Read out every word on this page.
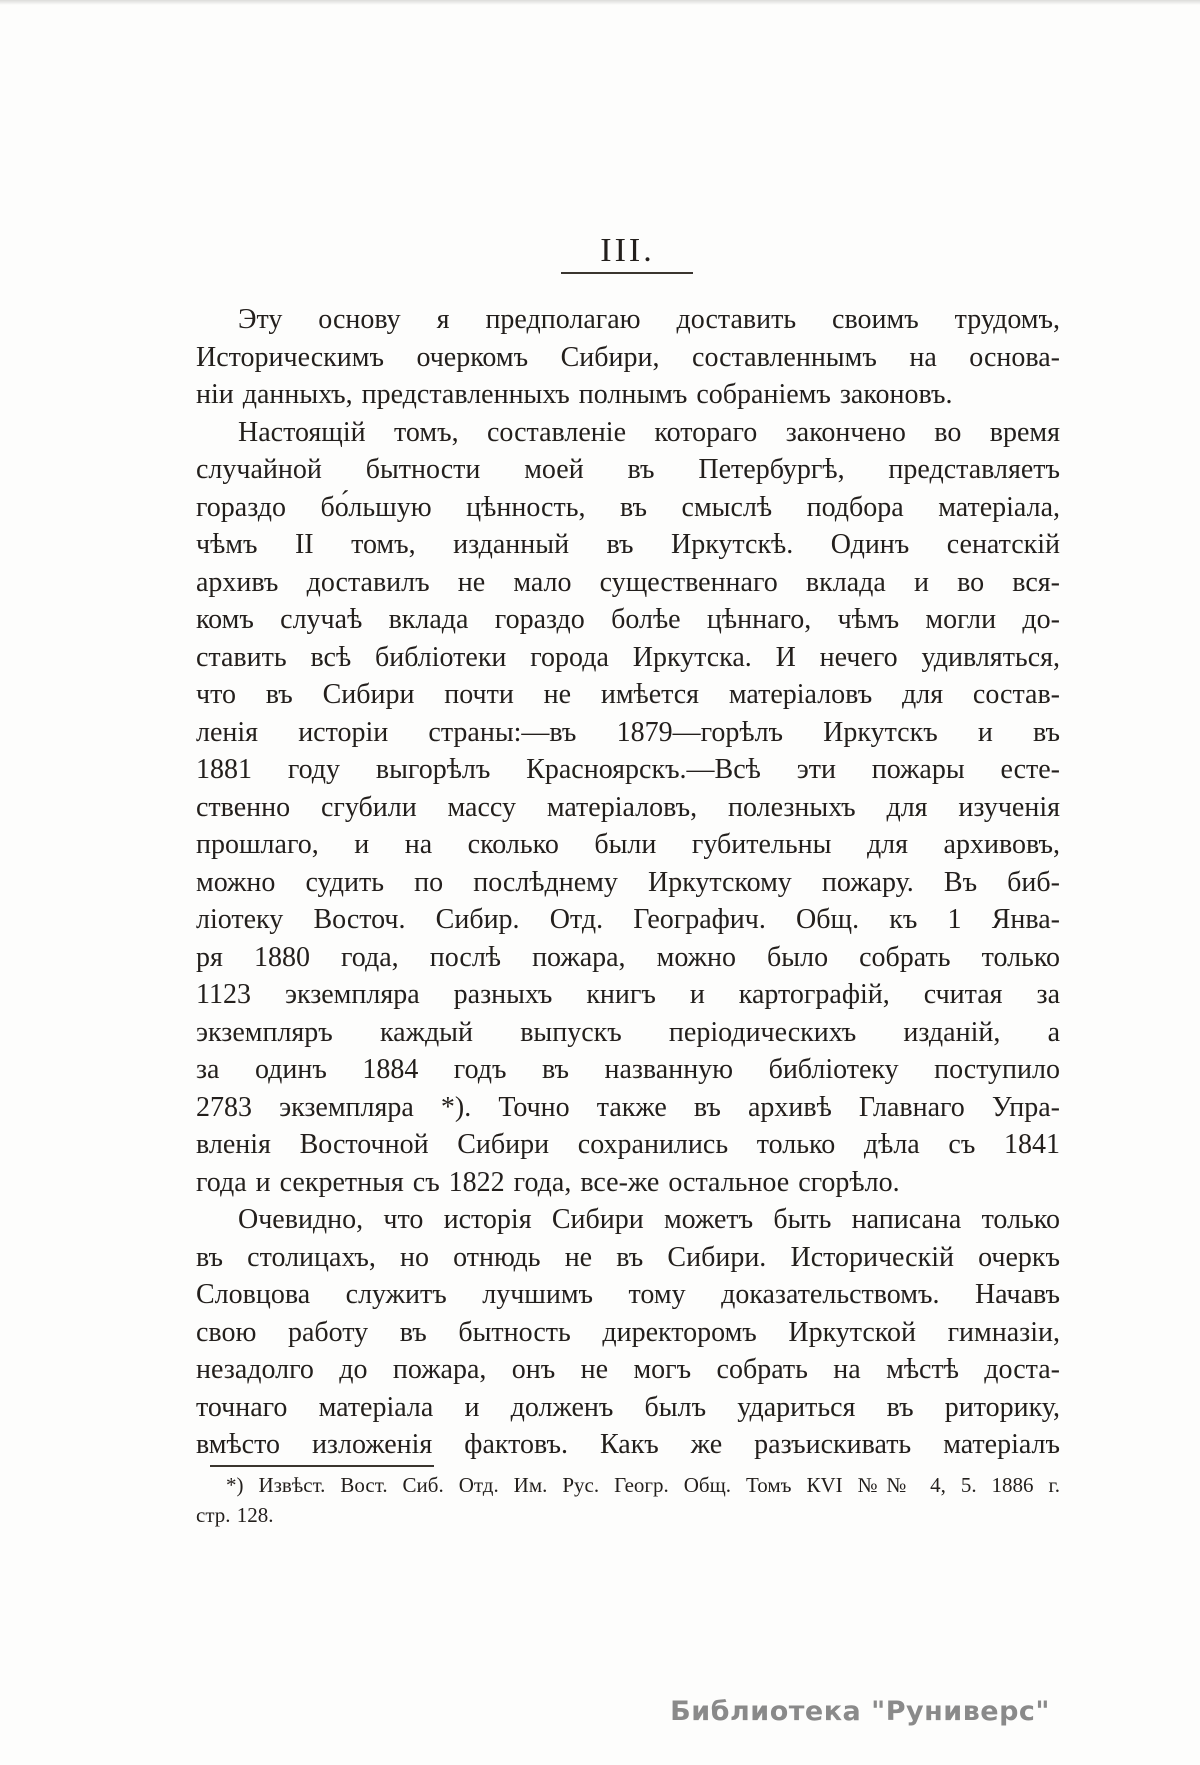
III.
Эту основу я предполагаю доставить своимъ трудомъ,
Историческимъ очеркомъ Сибири, составленнымъ на основа-
ніи данныхъ, представленныхъ полнымъ собраніемъ законовъ.
Настоящій томъ, составленіе котораго закончено во время
случайной бытности моей въ Петербургѣ, представляетъ
гораздо бо́льшую цѣнность, въ смыслѣ подбора матеріала,
чѣмъ II томъ, изданный въ Иркутскѣ. Одинъ сенатскій
архивъ доставилъ не мало существеннаго вклада и во вся-
комъ случаѣ вклада гораздо болѣе цѣннаго, чѣмъ могли до-
ставить всѣ библіотеки города Иркутска. И нечего удивляться,
что въ Сибири почти не имѣется матеріаловъ для состав-
ленія исторіи страны:—въ 1879—горѣлъ Иркутскъ и въ
1881 году выгорѣлъ Красноярскъ.—Всѣ эти пожары есте-
ственно сгубили массу матеріаловъ, полезныхъ для изученія
прошлаго, и на сколько были губительны для архивовъ,
можно судить по послѣднему Иркутскому пожару. Въ биб-
ліотеку Восточ. Сибир. Отд. Географич. Общ. къ 1 Янва-
ря 1880 года, послѣ пожара, можно было собрать только
1123 экземпляра разныхъ книгъ и картографій, считая за
экземпляръ каждый выпускъ періодическихъ изданій, а
за одинъ 1884 годъ въ названную библіотеку поступило
2783 экземпляра *). Точно также въ архивѣ Главнаго Упра-
вленія Восточной Сибири сохранились только дѣла съ 1841
года и секретныя съ 1822 года, все-же остальное сгорѣло.
Очевидно, что исторія Сибири можетъ быть написана только
въ столицахъ, но отнюдь не въ Сибири. Историческій очеркъ
Словцова служитъ лучшимъ тому доказательствомъ. Начавъ
свою работу въ бытность директоромъ Иркутской гимназіи,
незадолго до пожара, онъ не могъ собрать на мѣстѣ доста-
точнаго матеріала и долженъ былъ удариться въ риторику,
вмѣсто изложенія фактовъ. Какъ же разъискивать матеріалъ
*) Извѣст. Вост. Сиб. Отд. Им. Рус. Геогр. Общ. Томъ КVI №№ 4, 5. 1886 г.
стр. 128.
Библиотека "Руниверс"
